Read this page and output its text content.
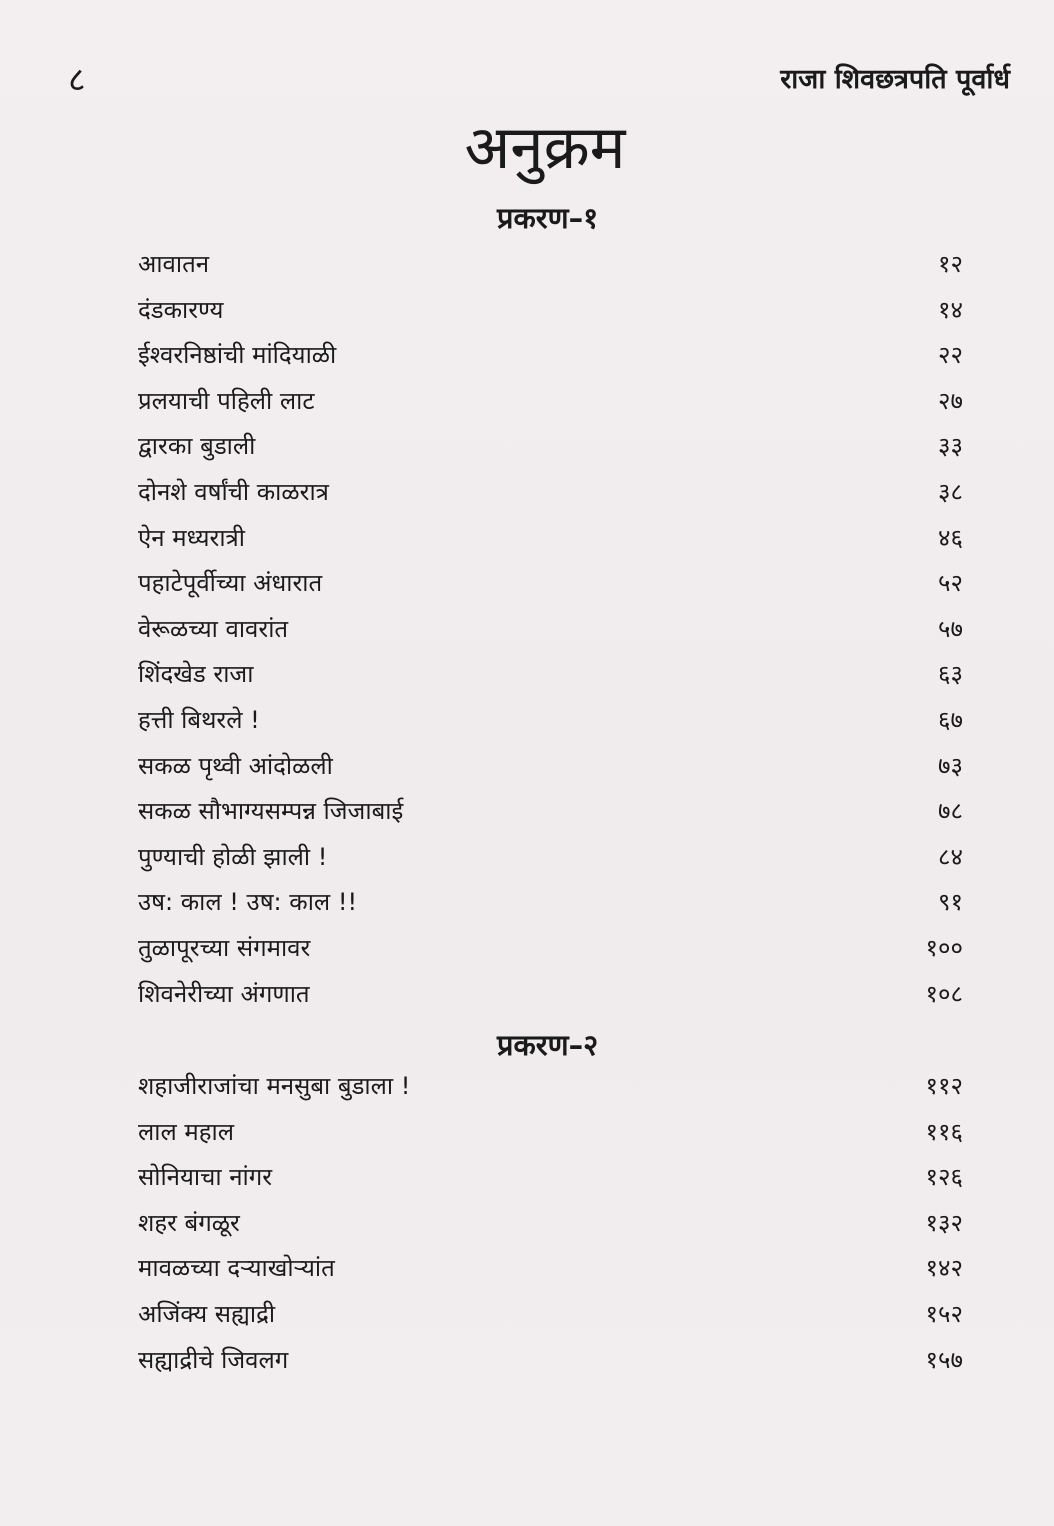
८	राजा शिवछत्रपति पूर्वार्ध
अनुक्रम
प्रकरण–१
आवातन	१२
दंडकारण्य	१४
ईश्वरनिष्ठांची मांदियाळी	२२
प्रलयाची पहिली लाट	२७
द्वारका बुडाली	३३
दोनशे वर्षांची काळरात्र	३८
ऐन मध्यरात्री	४६
पहाटेपूर्वीच्या अंधारात	५२
वेरूळच्या वावरांत	५७
शिंदखेड राजा	६३
हत्ती बिथरले !	६७
सकळ पृथ्वी आंदोळली	७३
सकळ सौभाग्यसम्पन्न जिजाबाई	७८
पुण्याची होळी झाली !	८४
उष: काल ! उष: काल !!	९१
तुळापूरच्या संगमावर	१००
शिवनेरीच्या अंगणात	१०८
प्रकरण–२
शहाजीराजांचा मनसुबा बुडाला !	११२
लाल महाल	११६
सोनियाचा नांगर	१२६
शहर बंगळूर	१३२
मावळच्या दऱ्याखोऱ्यांत	१४२
अजिंक्य सह्याद्री	१५२
सह्याद्रीचे जिवलग	१५७
